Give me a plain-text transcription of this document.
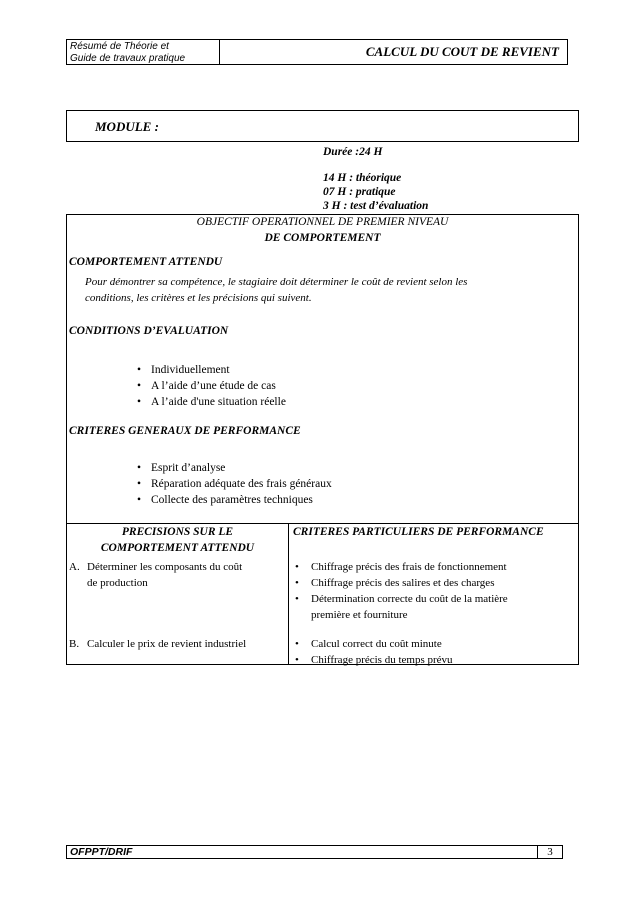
Résumé de Théorie et
Guide de travaux pratique	CALCUL DU COUT DE REVIENT
MODULE :
Durée :24 H
14 H : théorique
07 H : pratique
3 H : test d’évaluation
OBJECTIF OPERATIONNEL DE PREMIER NIVEAU
DE COMPORTEMENT
COMPORTEMENT ATTENDU
Pour démontrer sa compétence, le stagiaire doit déterminer le coût de revient selon les
conditions, les critères et les précisions qui suivent.
CONDITIONS D’EVALUATION
• Individuellement
• A l’aide d’une étude de cas
• A l’aide d'une situation réelle
CRITERES GENERAUX DE PERFORMANCE
• Esprit d’analyse
• Réparation adéquate des frais généraux
• Collecte des paramètres techniques
PRECISIONS SUR LE
COMPORTEMENT ATTENDU
CRITERES PARTICULIERS DE PERFORMANCE
A. Déterminer les composants du coût
de production
• Chiffrage précis des frais de fonctionnement
• Chiffrage précis des salires et des charges
• Détermination correcte du coût de la matière
première et fourniture
B. Calculer le prix de revient industriel
•	Calcul correct du coût minute
• Chiffrage précis du temps prévu
OFPPT/DRIF	3
